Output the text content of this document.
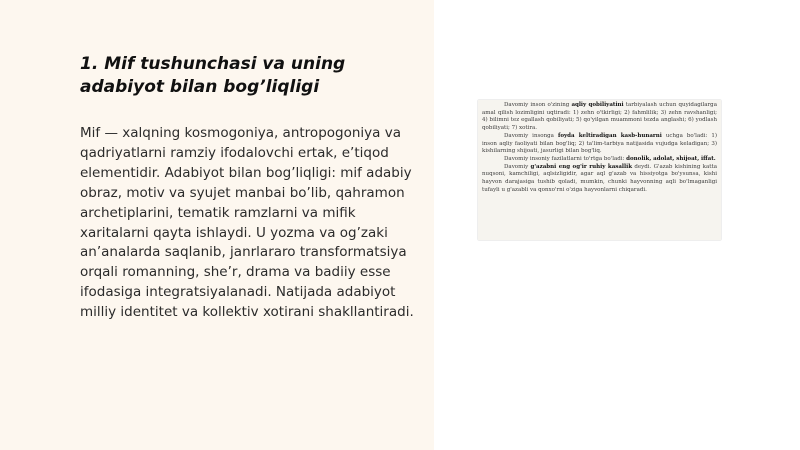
1. Mif tushunchasi va uning adabiyot bilan bog’liqligi

Mif — xalqning kosmogoniya, antropogoniya va qadriyatlarni ramziy ifodalovchi ertak, e’tiqod elementidir. Adabiyot bilan bog’liqligi: mif adabiy obraz, motiv va syujet manbai bo’lib, qahramon archetiplarini, tematik ramzlarni va mifik xaritalarni qayta ishlaydi. U yozma va og’zaki an’analarda saqlanib, janrlararo transformatsiya orqali romanning, she’r, drama va badiiy esse ifodasiga integratsiyalanadi. Natijada adabiyot milliy identitet va kollektiv xotirani shakllantiradi.

Davomiy inson o'zining aqliy qobiliyatini tarbiyalash uchun quyidagilarga amal qilish lozimligini uqtiradi: 1) zehn o'tkirligi; 2) fahmlilik; 3) zehn ravshanligi; 4) bilimni tez egallash qobiliyati; 5) qo'yilgan muammoni tezda anglashi; 6) yodlash qobiliyati; 7) xotira.

Davomiy insonga foyda keltiradigan kasb-hunarni uchga bo'ladi: 1) inson aqliy faoliyati bilan bog'liq; 2) ta'lim-tarbiya natijasida vujudga keladigan; 3) kishilarning shijoati, jasurligi bilan bog'liq.

Davomiy insoniy fazilatlarni to'rtga bo'ladi: donolik, adolat, shijoat, iffat.

Davomiy g'azabni eng og'ir ruhiy kasallik deydi. G'azab kishining katta nuqsoni, kamchiligi, aqlsizligidir, agar aql g'azab va hissiyotga bo'ysunsa, kishi hayvon darajasiga tushib qoladi, mumkin, chunki hayvonning aqli bo'lmaganligi tufayli u g'azabli va qonxo'rni o'ziga hayvonlarni chiqaradi.
